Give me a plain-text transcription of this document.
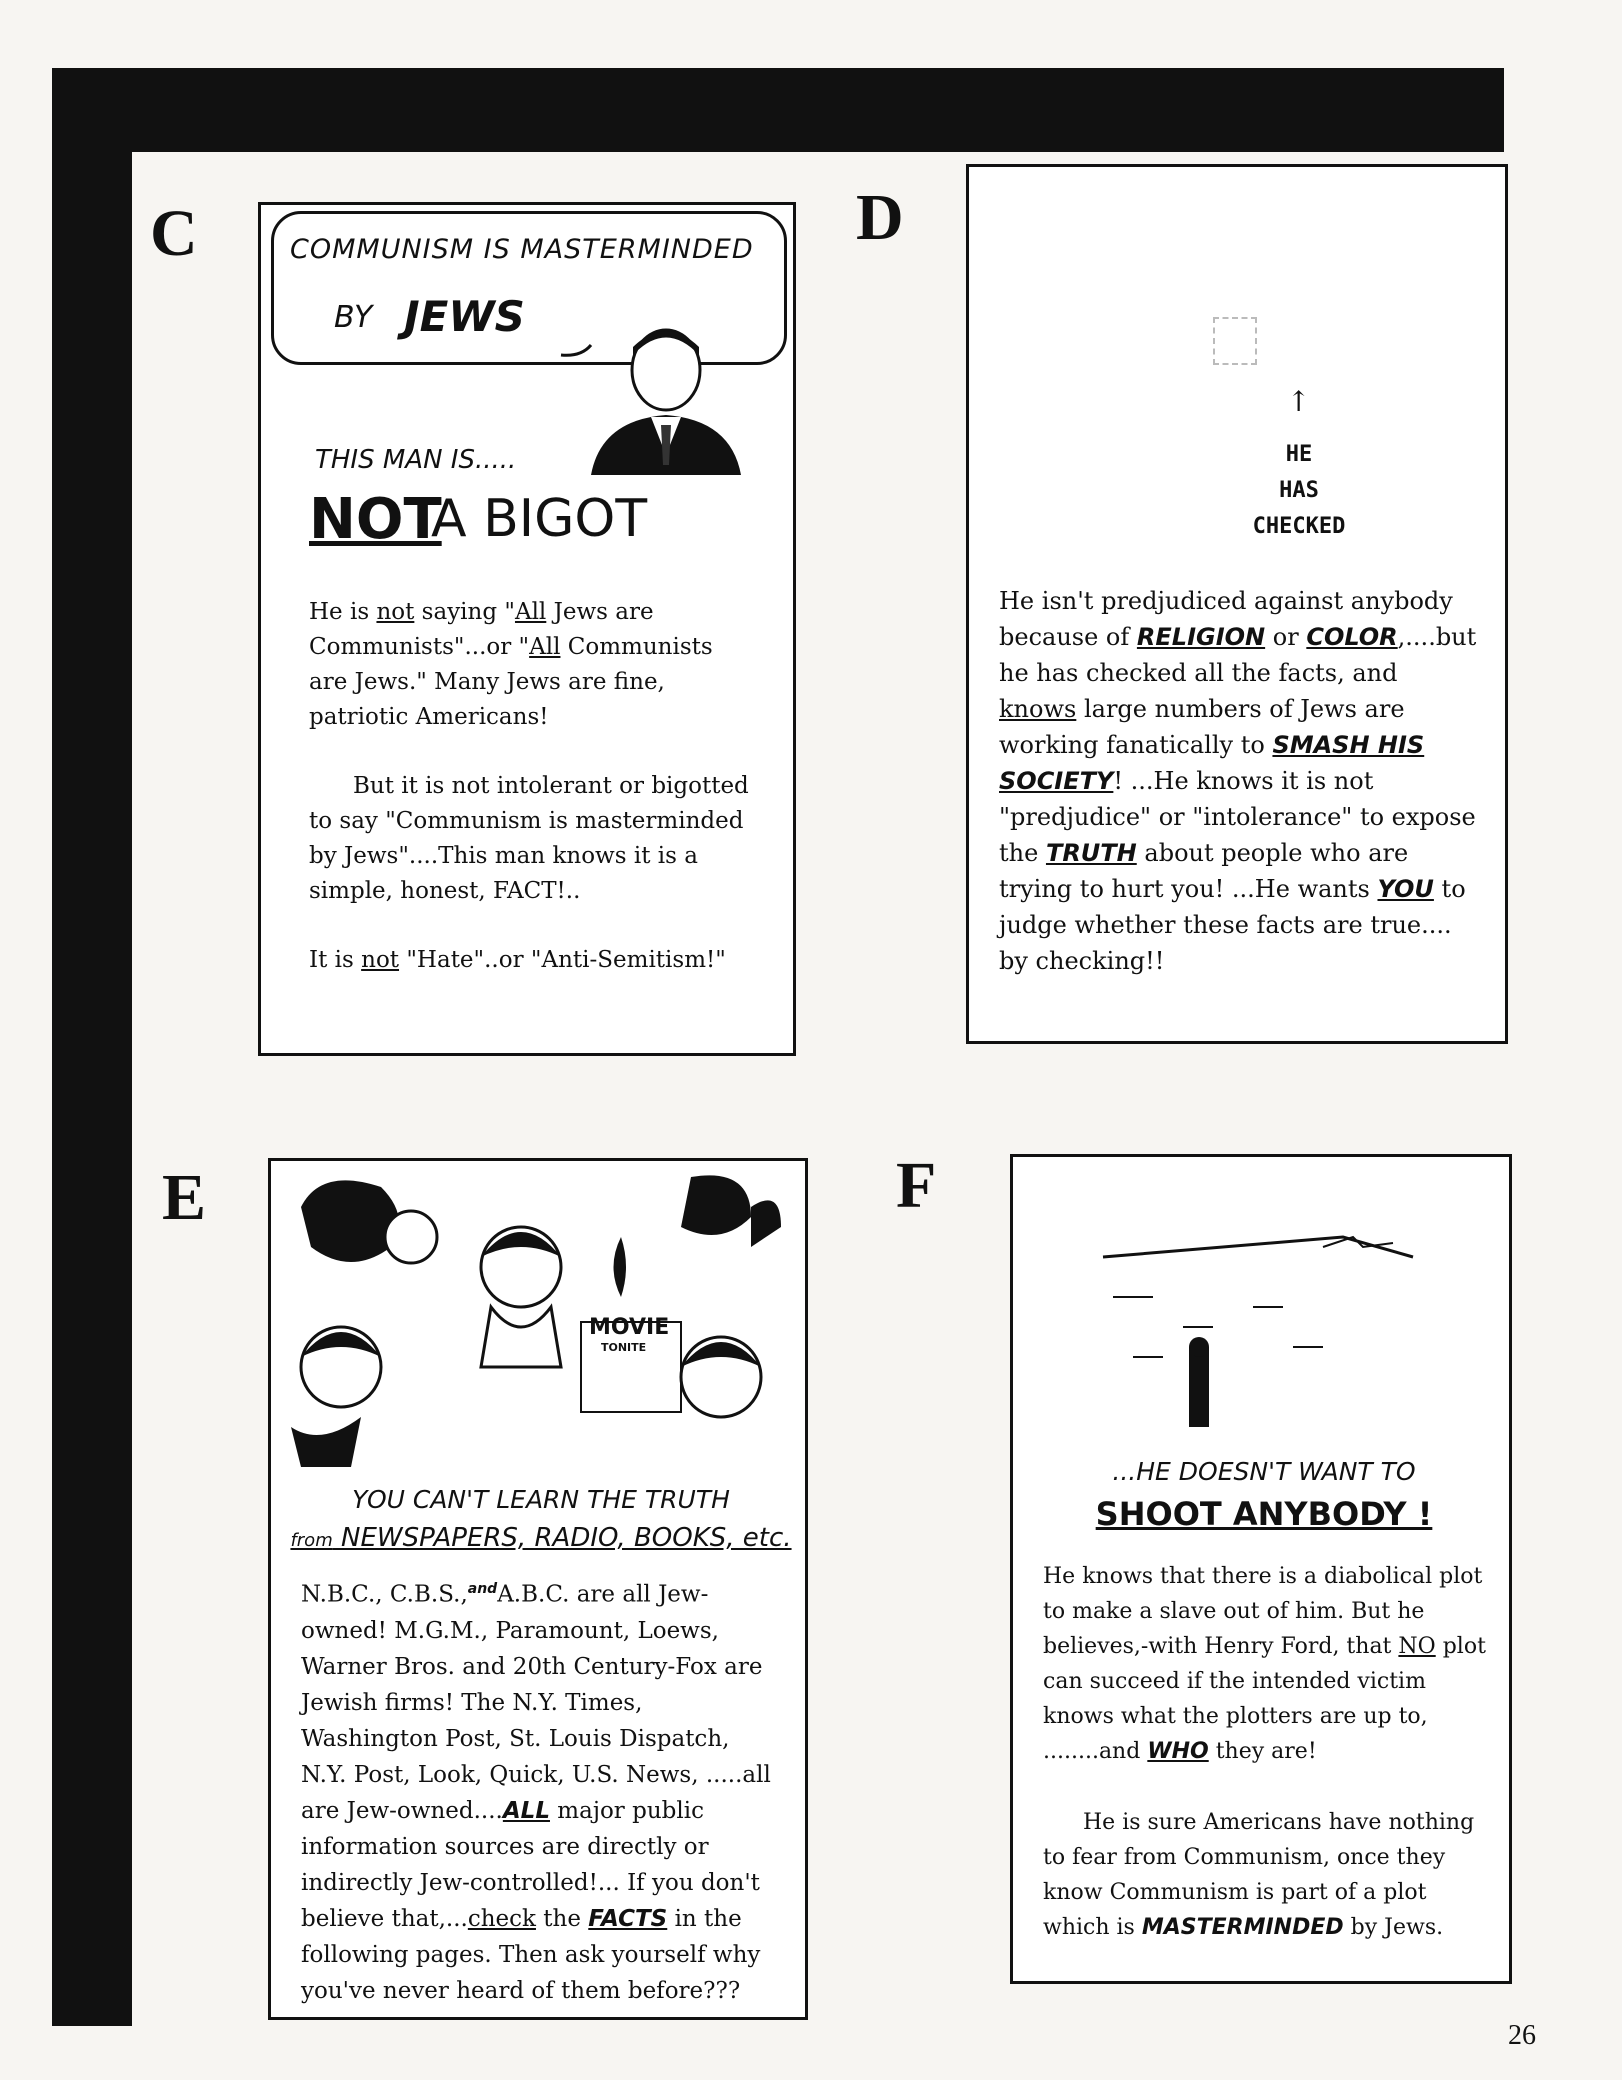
C	D
E	F
COMMUNISM IS MASTERMINDED
BY JEWS
THIS MAN IS.....
NOT
A BIGOT
He is not saying "All Jews are Communists"...or "All Communists are Jews." Many Jews are fine, patriotic Americans!
But it is not intolerant or bigotted to say "Communism is masterminded by Jews"....This man knows it is a simple, honest, FACT!..
It is not "Hate"..or "Anti-Semitism!"
↑
HE
HAS
CHECKED
He isn't predjudiced against anybody because of RELIGION or COLOR,....but he has checked all the facts, and knows large numbers of Jews are working fanatically to SMASH HIS SOCIETY! ...He knows it is not "predjudice" or "intolerance" to expose the TRUTH about people who are trying to hurt you! ...He wants YOU to judge whether these facts are true.... by checking!!
MOVIE
TONITE
YOU CAN'T LEARN THE TRUTH
from NEWSPAPERS, RADIO, BOOKS, etc.
N.B.C., C.B.S.,$^{and}$A.B.C. are all Jew-owned! M.G.M., Paramount, Loews, Warner Bros. and 20th Century-Fox are Jewish firms! The N.Y. Times, Washington Post, St. Louis Dispatch, N.Y. Post, Look, Quick, U.S. News, .....all are Jew-owned....ALL major public information sources are directly or indirectly Jew-controlled!... If you don't believe that,...check the FACTS in the following pages. Then ask yourself why you've never heard of them before???
...HE DOESN'T WANT TO
SHOOT ANYBODY !
He knows that there is a diabolical plot to make a slave out of him. But he believes,-with Henry Ford, that NO plot can succeed if the intended victim knows what the plotters are up to, ........and WHO they are!
He is sure Americans have nothing to fear from Communism, once they know Communism is part of a plot which is MASTERMINDED by Jews.
26
